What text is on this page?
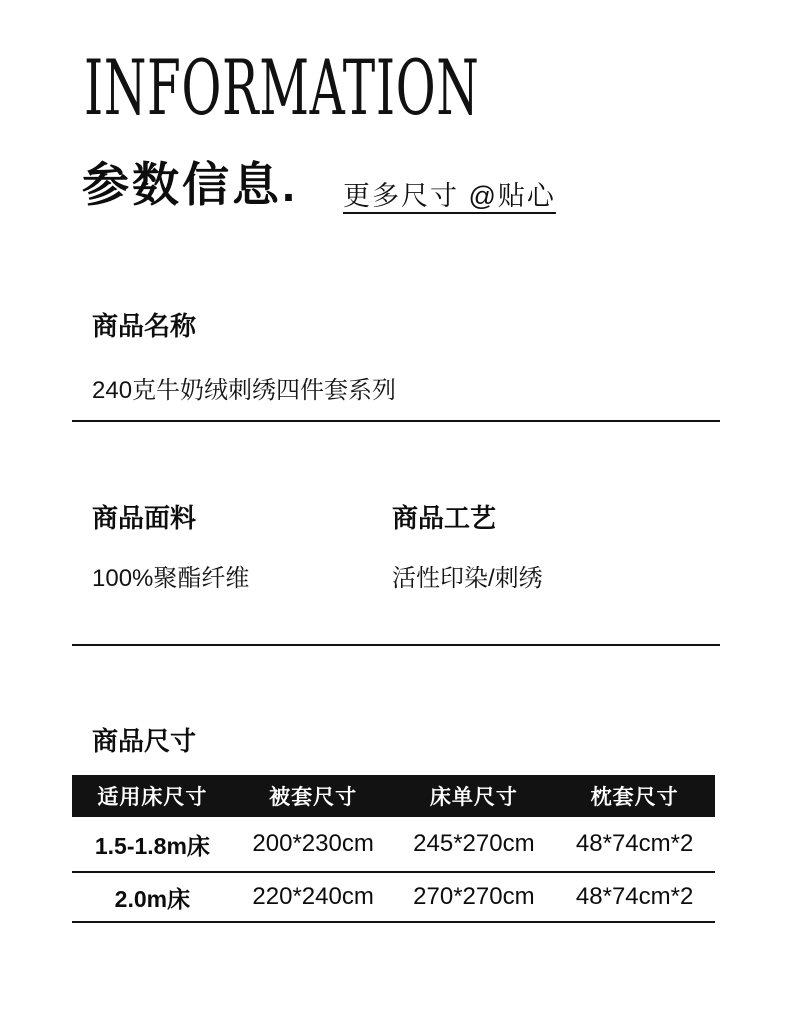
INFORMATION
参数信息. 更多尺寸 @贴心
商品名称
240克牛奶绒刺绣四件套系列
商品面料
100%聚酯纤维
商品工艺
活性印染/刺绣
商品尺寸
适用床尺寸	被套尺寸	床单尺寸	枕套尺寸
1.5-1.8m床	200*230cm	245*270cm	48*74cm*2
2.0m床	220*240cm	270*270cm	48*74cm*2
